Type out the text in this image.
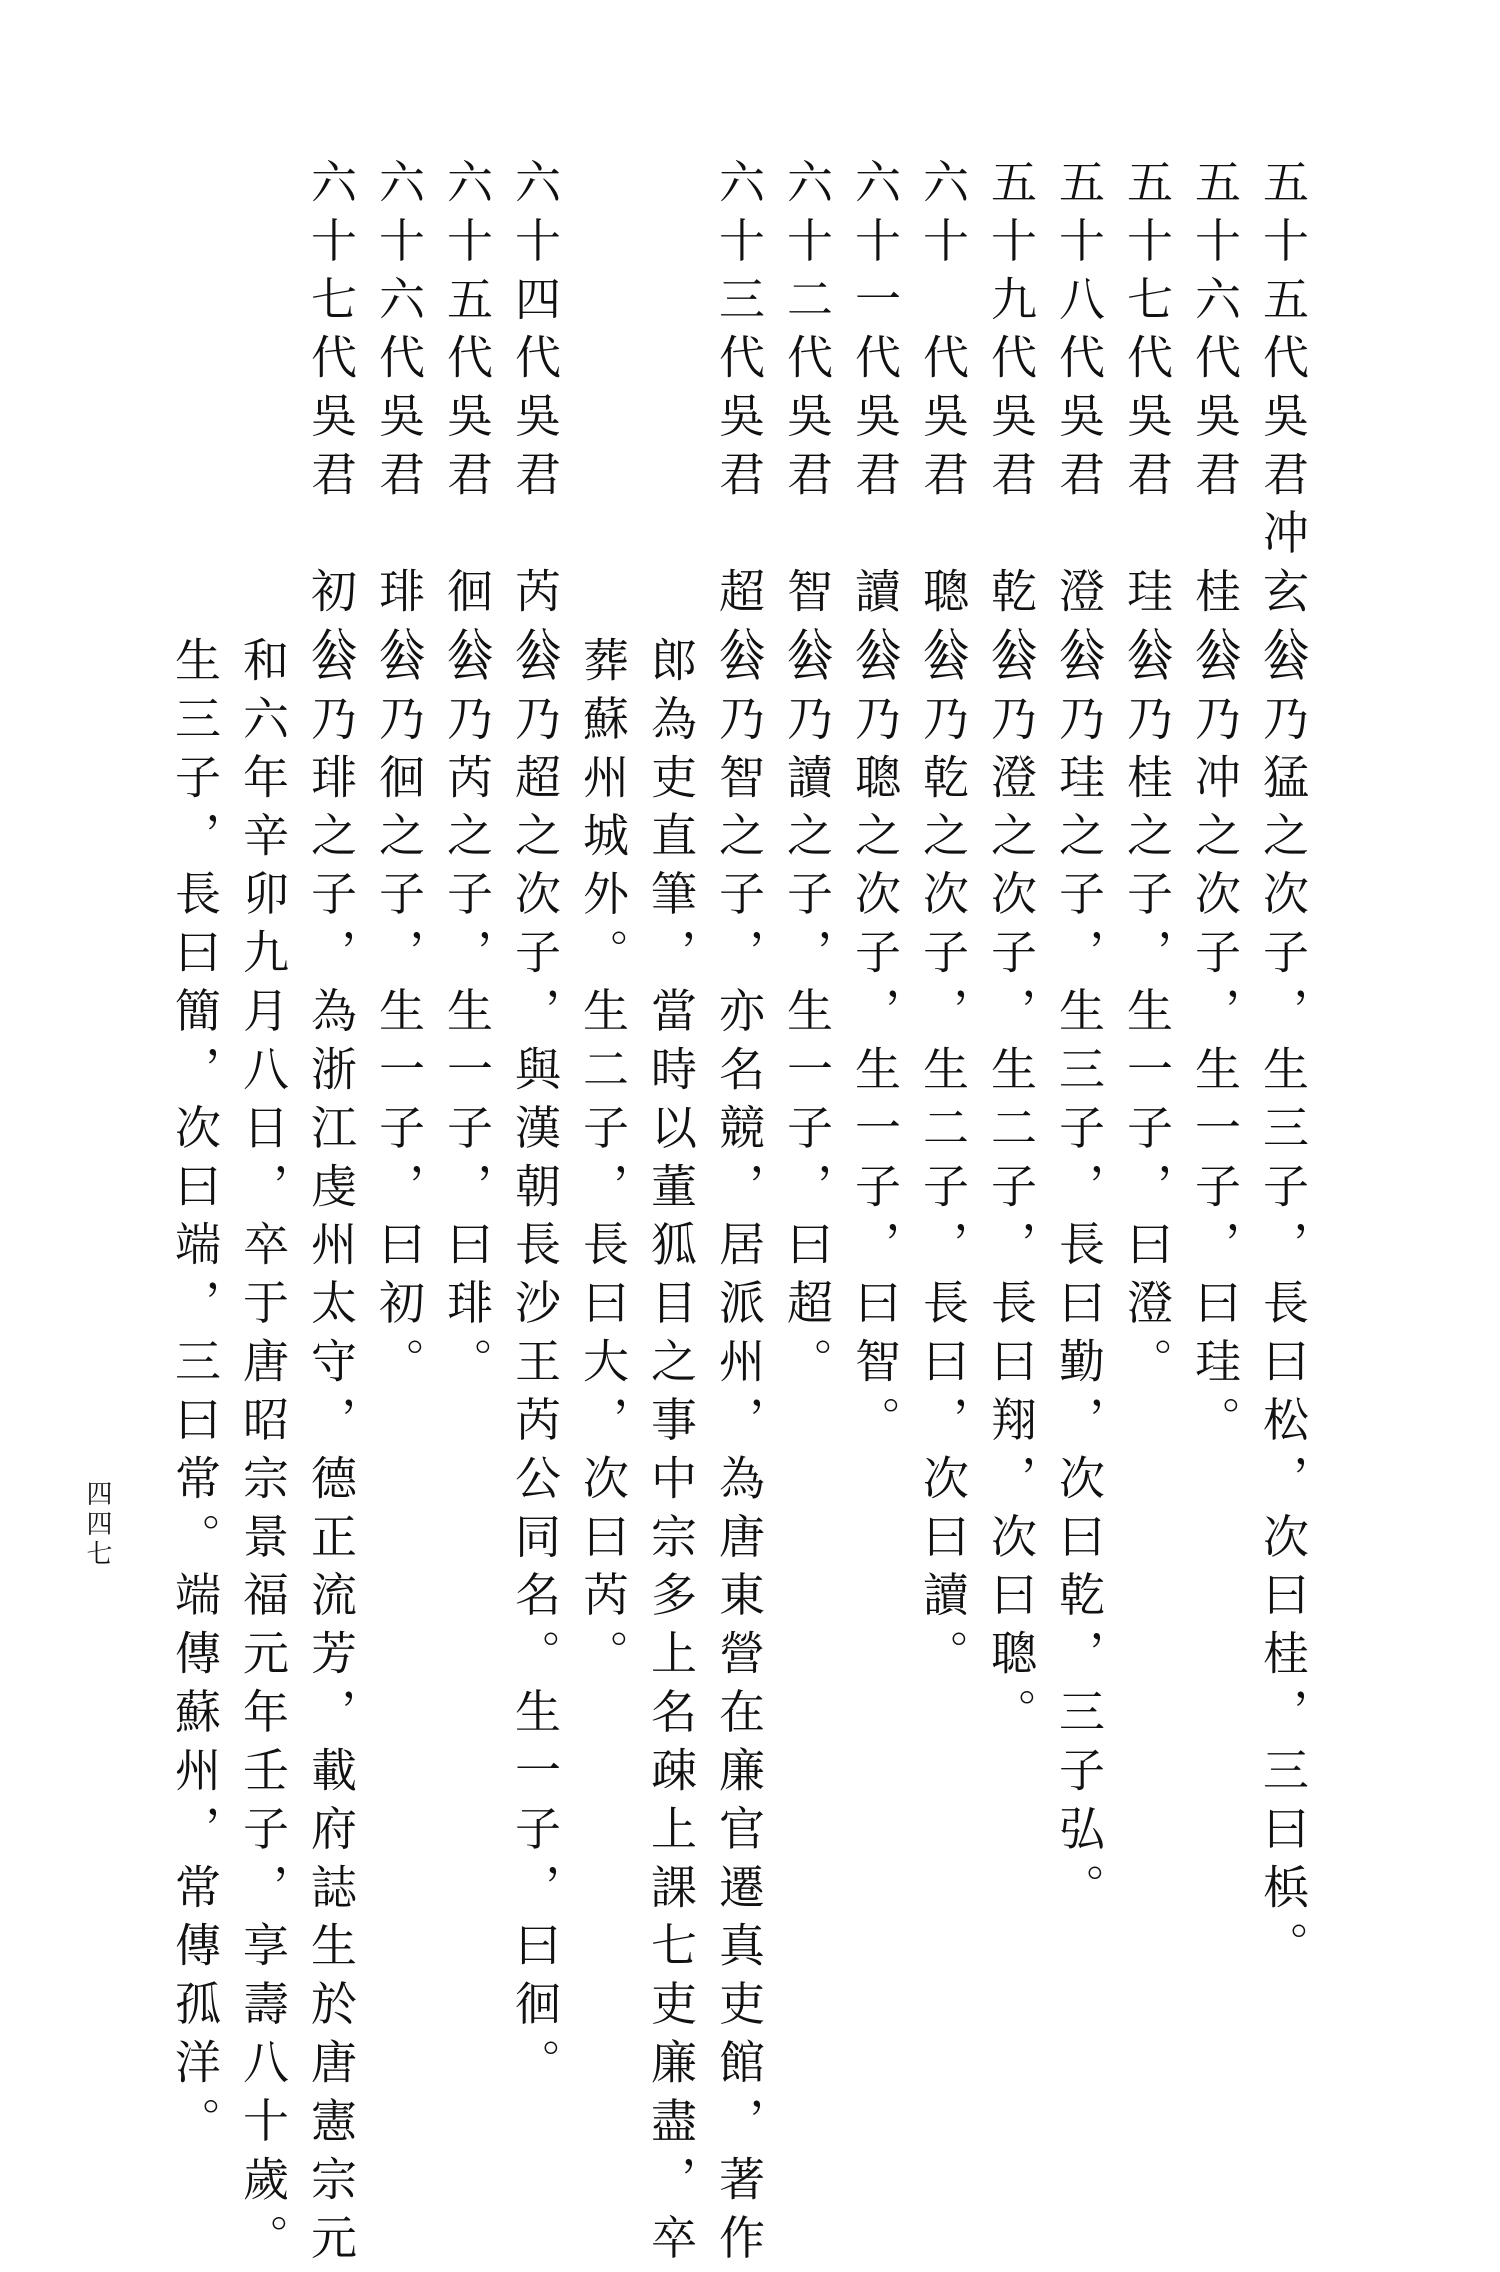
五十五代吳君冲玄公
五十六代吳君　桂公
五十七代吳君　珪公
五十八代吳君　澄公
五十九代吳君　乾公
六十　代吳君　聰公
六十一代吳君　讀公
六十二代吳君　智公
六十三代吳君　超公
六十四代吳君　芮公
六十五代吳君　徊公
六十六代吳君　琲公
六十七代吳君　初公
公乃猛之次子，生三子，長曰松，次曰桂，三曰梹。
公乃冲之次子，生一子，曰珪。
公乃桂之子，生一子，曰澄。
公乃珪之子，生三子，長曰勤，次曰乾，三子弘。
公乃澄之次子，生二子，長曰翔，次曰聰。
公乃乾之次子，生二子，長曰，次曰讀。
公乃聰之次子，生一子，曰智。
公乃讀之子，生一子，曰超。
公乃智之子，亦名競，居派州，為唐東營在廉官遷真吏館，著作
郎為吏直筆，當時以董狐目之事中宗多上名疎上課七吏廉盡，卒
葬蘇州城外。生二子，長曰大，次曰芮。
公乃超之次子，與漢朝長沙王芮公同名。生一子，曰徊。
公乃芮之子，生一子，曰琲。
公乃徊之子，生一子，曰初。
公乃琲之子，為浙江虔州太守，德正流芳，載府誌生於唐憲宗元
和六年辛卯九月八日，卒于唐昭宗景福元年壬子，享壽八十歲。
生三子，長曰簡，次曰端，三曰常。端傳蘇州，常傳孤洋。
四四七
